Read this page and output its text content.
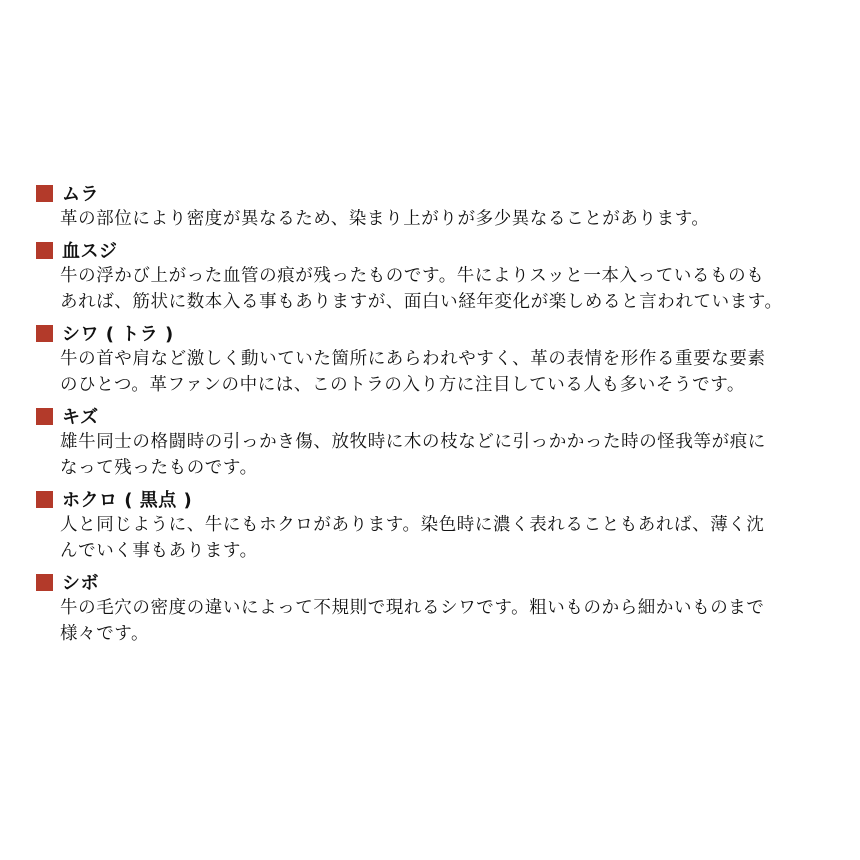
ムラ
革の部位により密度が異なるため、染まり上がりが多少異なることがあります。
血スジ
牛の浮かび上がった血管の痕が残ったものです。牛によりスッと一本入っているものも
あれば、筋状に数本入る事もありますが、面白い経年変化が楽しめると言われています。
シワ ( トラ )
牛の首や肩など激しく動いていた箇所にあらわれやすく、革の表情を形作る重要な要素
のひとつ。革ファンの中には、このトラの入り方に注目している人も多いそうです。
キズ
雄牛同士の格闘時の引っかき傷、放牧時に木の枝などに引っかかった時の怪我等が痕に
なって残ったものです。
ホクロ ( 黒点 )
人と同じように、牛にもホクロがあります。染色時に濃く表れることもあれば、薄く沈
んでいく事もあります。
シボ
牛の毛穴の密度の違いによって不規則で現れるシワです。粗いものから細かいものまで
様々です。
